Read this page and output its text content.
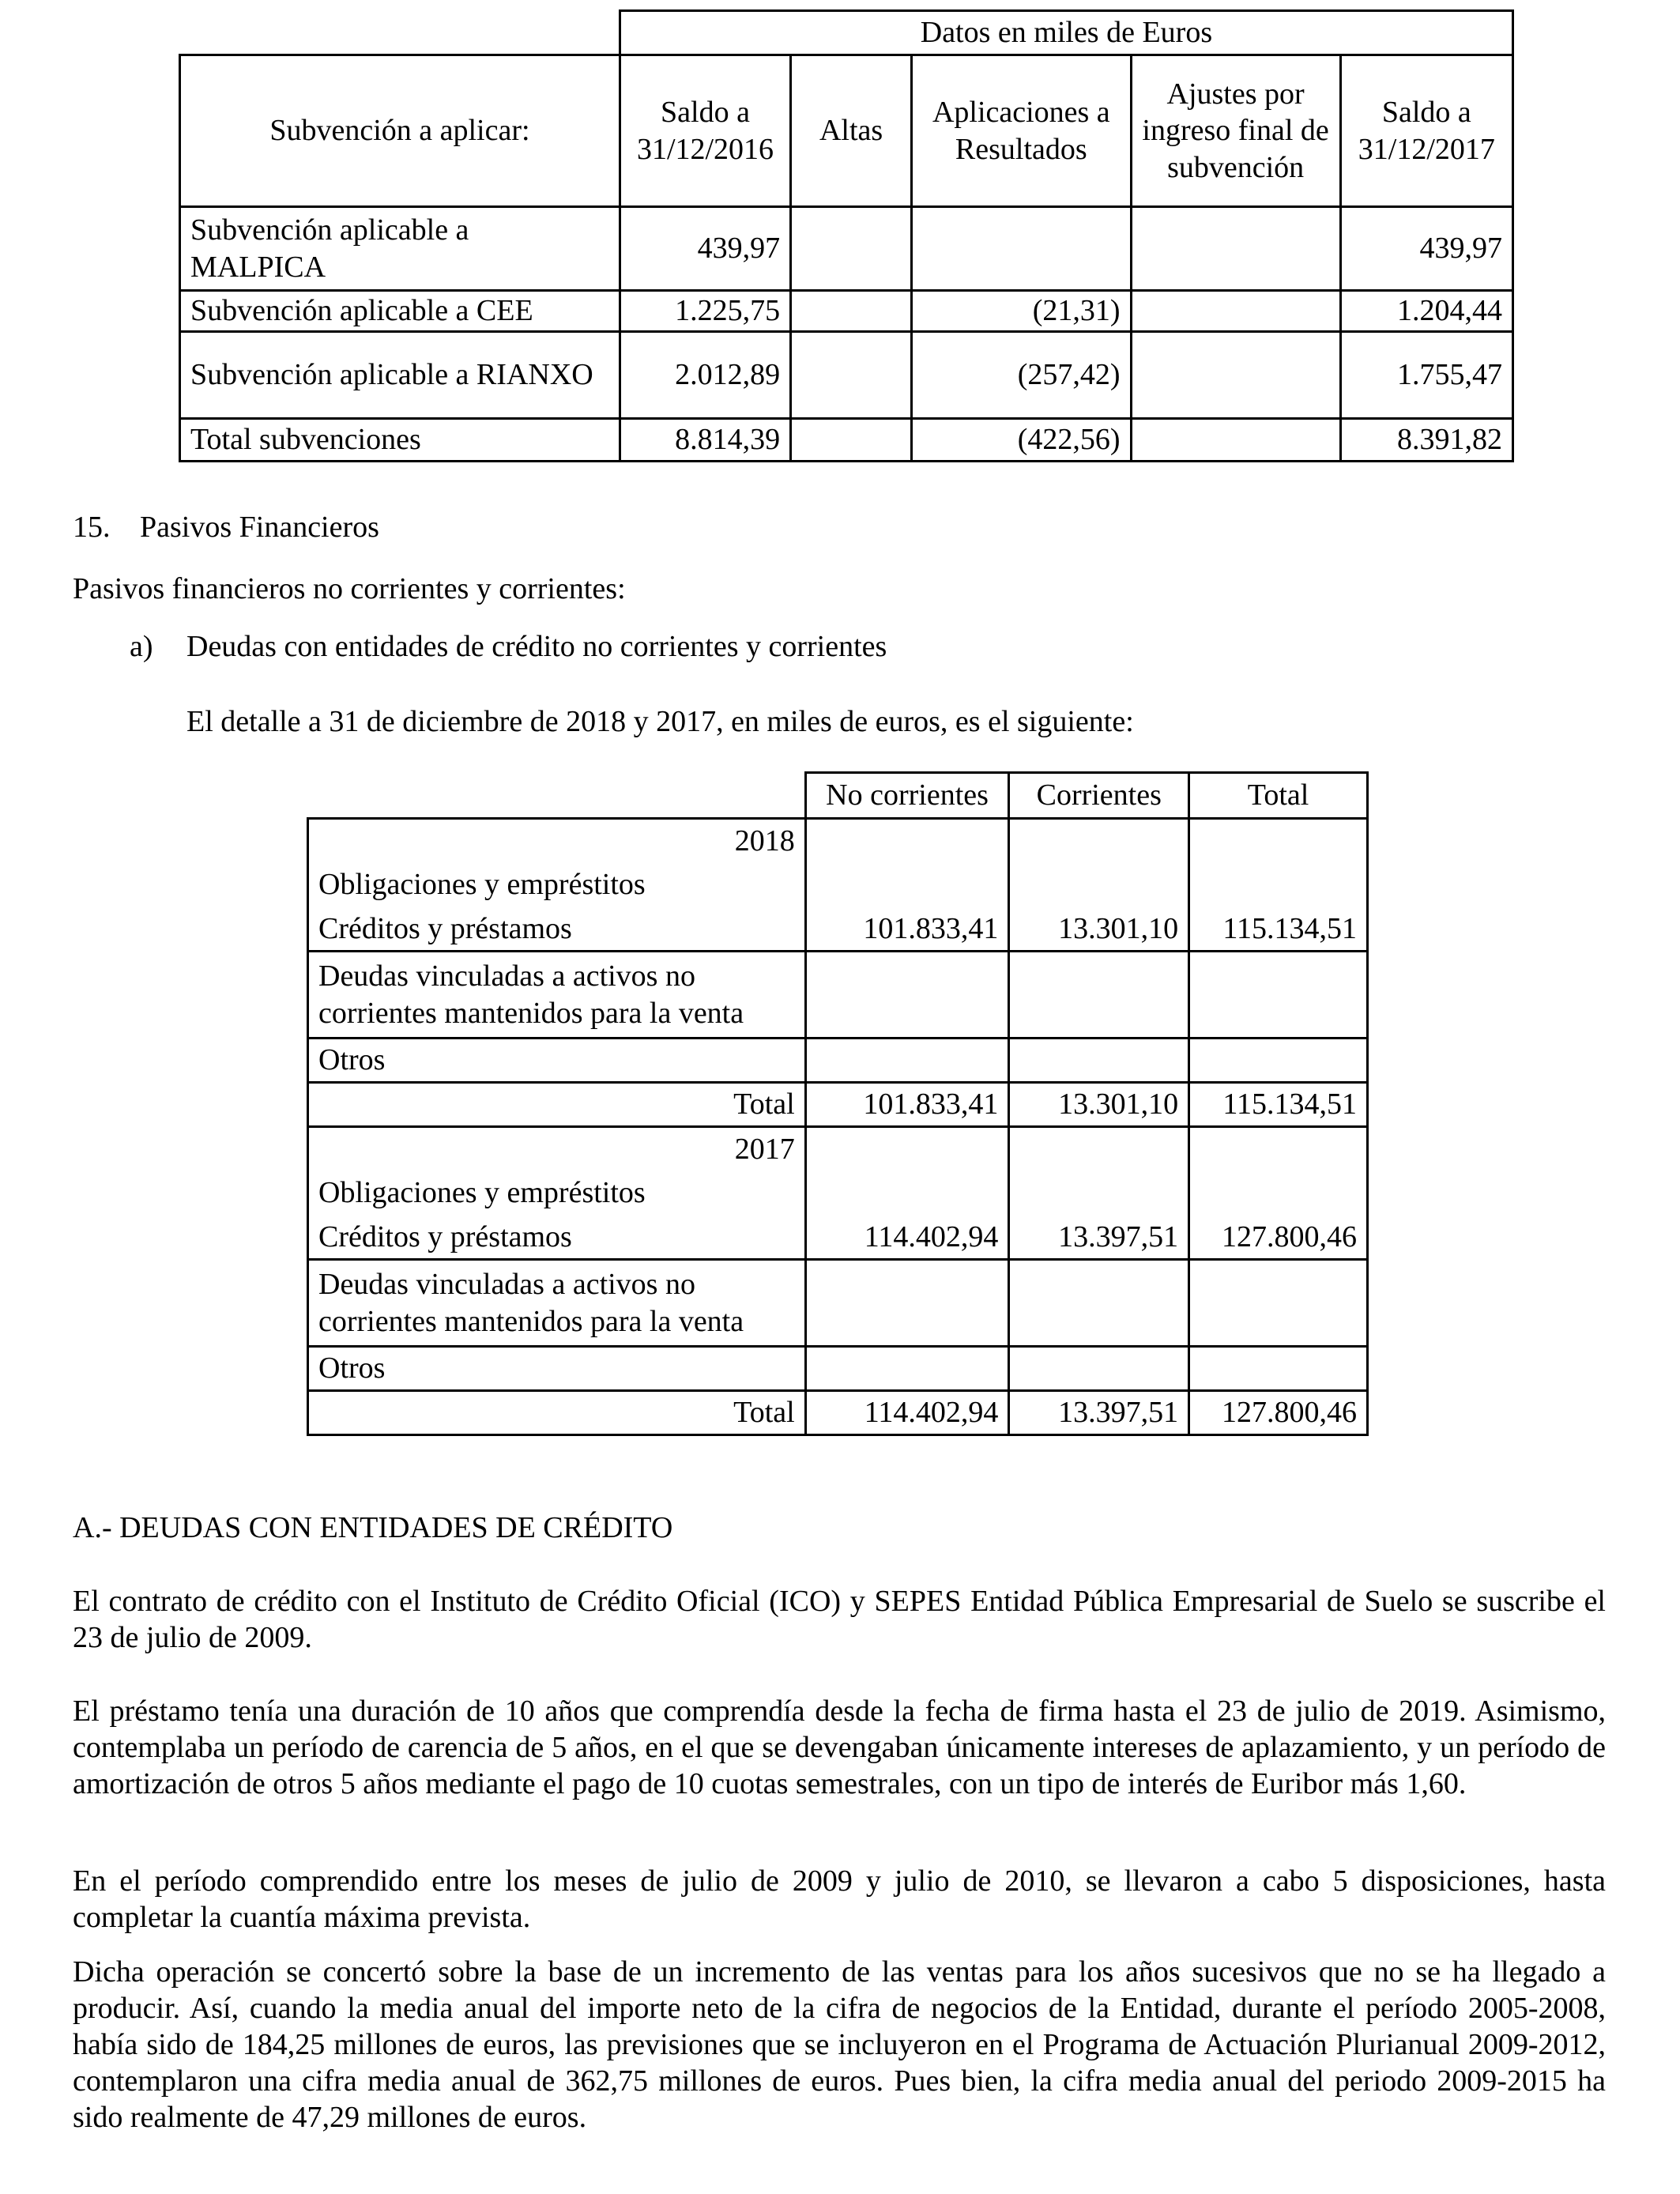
	Datos en miles de Euros				
Subvención a aplicar:	Saldo a 31/12/2016	Altas	Aplicaciones a Resultados	Ajustes por ingreso final de subvención	Saldo a 31/12/2017
Subvención aplicable a MALPICA	439,97				439,97
Subvención aplicable a CEE	1.225,75		(21,31)		1.204,44
Subvención aplicable a RIANXO	2.012,89		(257,42)		1.755,47
Total subvenciones	8.814,39		(422,56)		8.391,82
15. Pasivos Financieros
Pasivos financieros no corrientes y corrientes:
a) Deudas con entidades de crédito no corrientes y corrientes
El detalle a 31 de diciembre de 2018 y 2017, en miles de euros, es el siguiente:
	No corrientes	Corrientes	Total
2018			
Obligaciones y empréstitos			
Créditos y préstamos	101.833,41	13.301,10	115.134,51
Deudas vinculadas a activos no corrientes mantenidos para la venta			
Otros			
Total	101.833,41	13.301,10	115.134,51
2017			
Obligaciones y empréstitos			
Créditos y préstamos	114.402,94	13.397,51	127.800,46
Deudas vinculadas a activos no corrientes mantenidos para la venta			
Otros			
Total	114.402,94	13.397,51	127.800,46
A.- DEUDAS CON ENTIDADES DE CRÉDITO

El contrato de crédito con el Instituto de Crédito Oficial (ICO) y SEPES Entidad Pública Empresarial de Suelo se suscribe el 23 de julio de 2009.

El préstamo tenía una duración de 10 años que comprendía desde la fecha de firma hasta el 23 de julio de 2019. Asimismo, contemplaba un período de carencia de 5 años, en el que se devengaban únicamente intereses de aplazamiento, y un período de amortización de otros 5 años mediante el pago de 10 cuotas semestrales, con un tipo de interés de Euribor más 1,60.

En el período comprendido entre los meses de julio de 2009 y julio de 2010, se llevaron a cabo 5 disposiciones, hasta completar la cuantía máxima prevista.

Dicha operación se concertó sobre la base de un incremento de las ventas para los años sucesivos que no se ha llegado a producir. Así, cuando la media anual del importe neto de la cifra de negocios de la Entidad, durante el período 2005-2008, había sido de 184,25 millones de euros, las previsiones que se incluyeron en el Programa de Actuación Plurianual 2009-2012, contemplaron una cifra media anual de 362,75 millones de euros. Pues bien, la cifra media anual del periodo 2009-2015 ha sido realmente de 47,29 millones de euros.
